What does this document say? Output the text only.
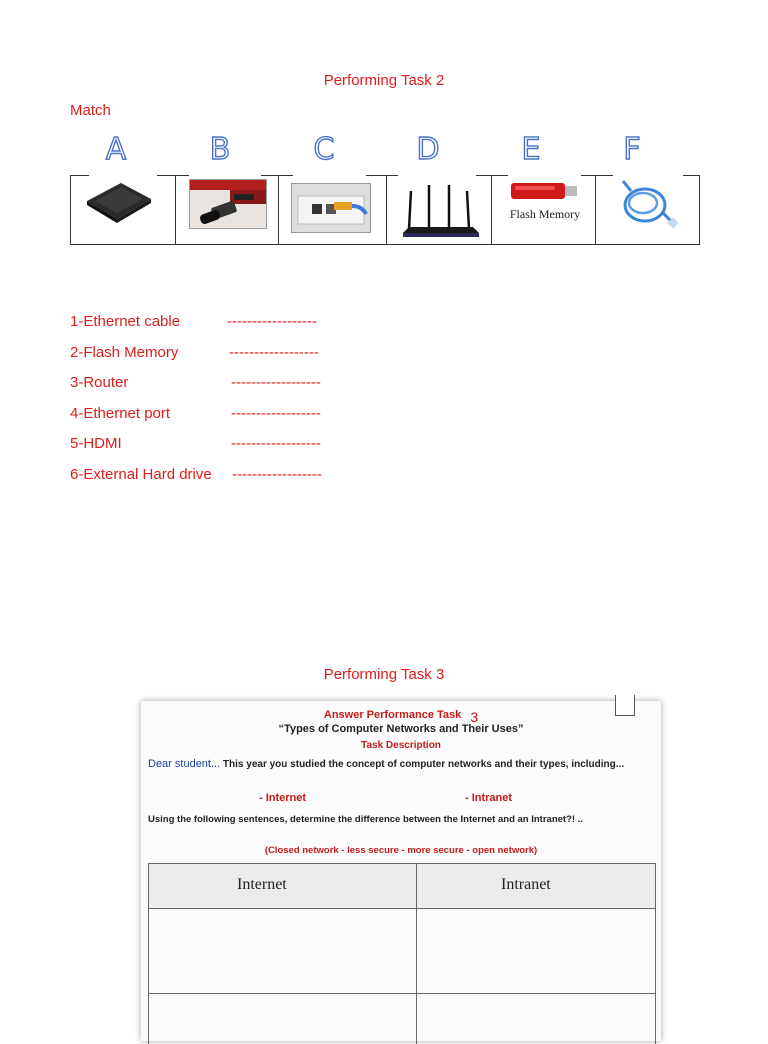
Performing Task 2
Match
A	B	C	D	E	F
Flash Memory
1-Ethernet cable	------------------
2-Flash Memory	------------------
3-Router	------------------
4-Ethernet port	------------------
5-HDMI	------------------
6-External Hard drive ------------------
Performing Task 3
Answer Performance Task 3
“Types of Computer Networks and Their Uses”
Task Description
Dear student... This year you studied the concept of computer networks and their types, including...
- Internet	- Intranet
Using the following sentences, determine the difference between the Internet and an Intranet?! ..
(Closed network - less secure - more secure - open network)
Internet	Intranet
